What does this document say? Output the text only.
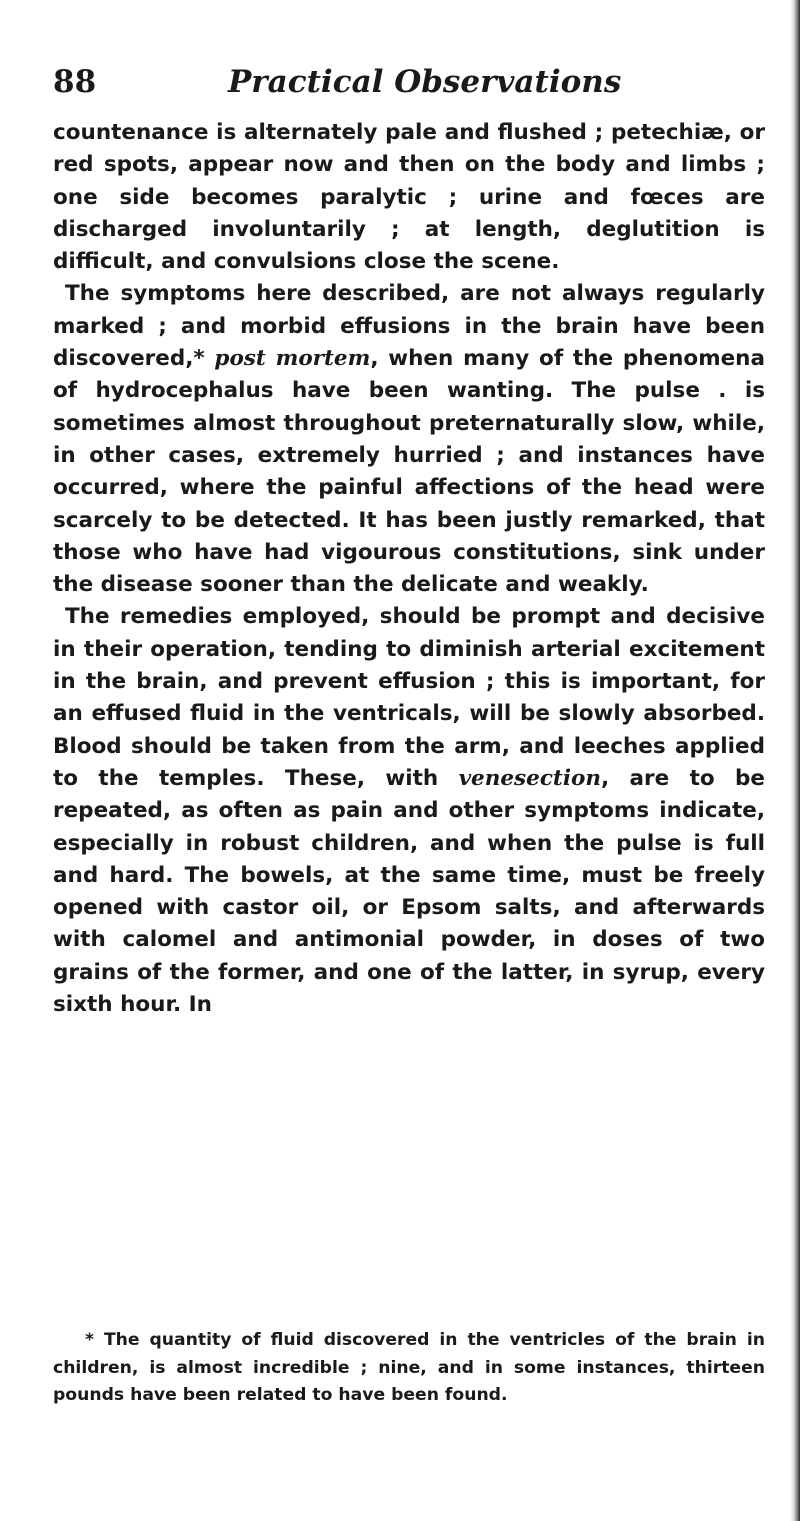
88	Practical Observations

countenance is alternately pale and flushed ; petechiæ, or red spots, appear now and then on the body and limbs ; one side becomes paralytic ; urine and fœces are discharged involuntarily ; at length, deglutition is difficult, and convulsions close the scene.

The symptoms here described, are not always regularly marked ; and morbid effusions in the brain have been discovered,* post mortem, when many of the phenomena of hydrocephalus have been wanting. The pulse . is sometimes almost throughout preternaturally slow, while, in other cases, extremely hurried ; and instances have occurred, where the painful affections of the head were scarcely to be detected. It has been justly remarked, that those who have had vigourous constitutions, sink under the disease sooner than the delicate and weakly.

The remedies employed, should be prompt and decisive in their operation, tending to diminish arterial excitement in the brain, and prevent effusion ; this is important, for an effused fluid in the ventricals, will be slowly absorbed. Blood should be taken from the arm, and leeches applied to the temples. These, with venesection, are to be repeated, as often as pain and other symptoms indicate, especially in robust children, and when the pulse is full and hard. The bowels, at the same time, must be freely opened with castor oil, or Epsom salts, and afterwards with calomel and antimonial powder, in doses of two grains of the former, and one of the latter, in syrup, every sixth hour. In

* The quantity of fluid discovered in the ventricles of the brain in children, is almost incredible ; nine, and in some instances, thirteen pounds have been related to have been found.
